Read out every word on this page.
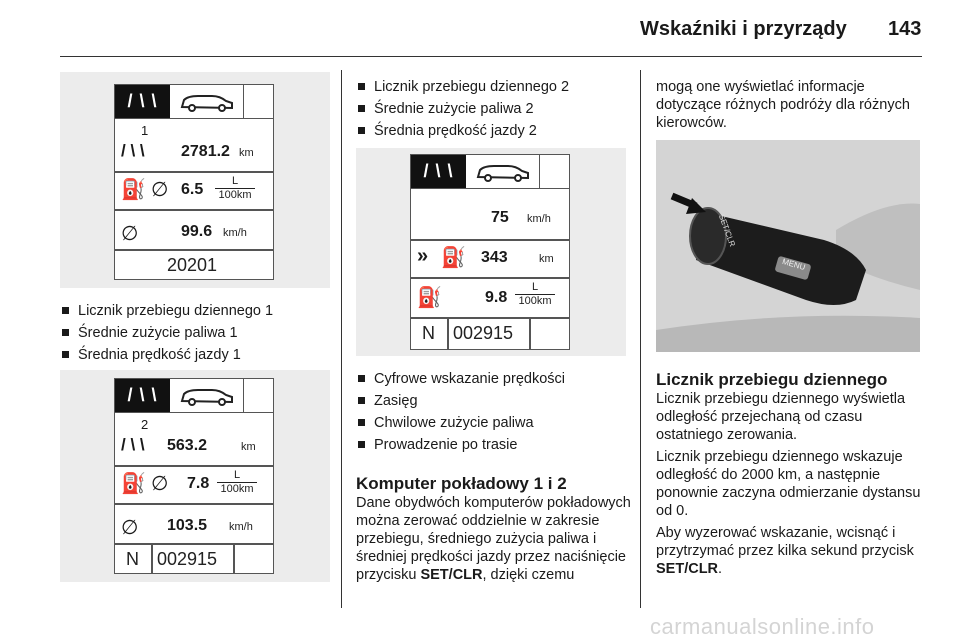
Wskaźniki i przyrządy 143
/ \ \
1
/ \ \ 2781.2 km
⛽ ∅ $6.5 \frac{L}{100km}$
∅	99.6 km/h
20201
Licznik przebiegu dziennego 1
Średnie zużycie paliwa 1
Średnia prędkość jazdy 1
/ \ \
2
/ \ \ 563.2	km
⛽ ∅ $7.8 \frac{L}{100km}$
∅ 103.5 km/h
N 002915
Licznik przebiegu dziennego 2
Średnie zużycie paliwa 2
Średnia prędkość jazdy 2
/ \ \
75 km/h
» ⛽ 343	km
⛽	$9.8 \frac{L}{100km}$
N 002915
Cyfrowe wskazanie prędkości
Zasięg
Chwilowe zużycie paliwa
Prowadzenie po trasie
Komputer pokładowy 1 i 2
Dane obydwóch komputerów pokładowych można zerować oddzielnie w zakresie przebiegu, średniego zużycia paliwa i średniej prędkości jazdy przez naciśnięcie przycisku SET/CLR, dzięki czemu
mogą one wyświetlać informacje dotyczące różnych podróży dla różnych kierowców.
SET/CLR
MENU
Licznik przebiegu dziennego
Licznik przebiegu dziennego wyświetla odległość przejechaną od czasu ostatniego zerowania.
Licznik przebiegu dziennego wskazuje odległość do 2000 km, a następnie ponownie zaczyna odmierzanie dystansu od 0.
Aby wyzerować wskazanie, wcisnąć i przytrzymać przez kilka sekund przycisk SET/CLR.
carmanualsonline.info
